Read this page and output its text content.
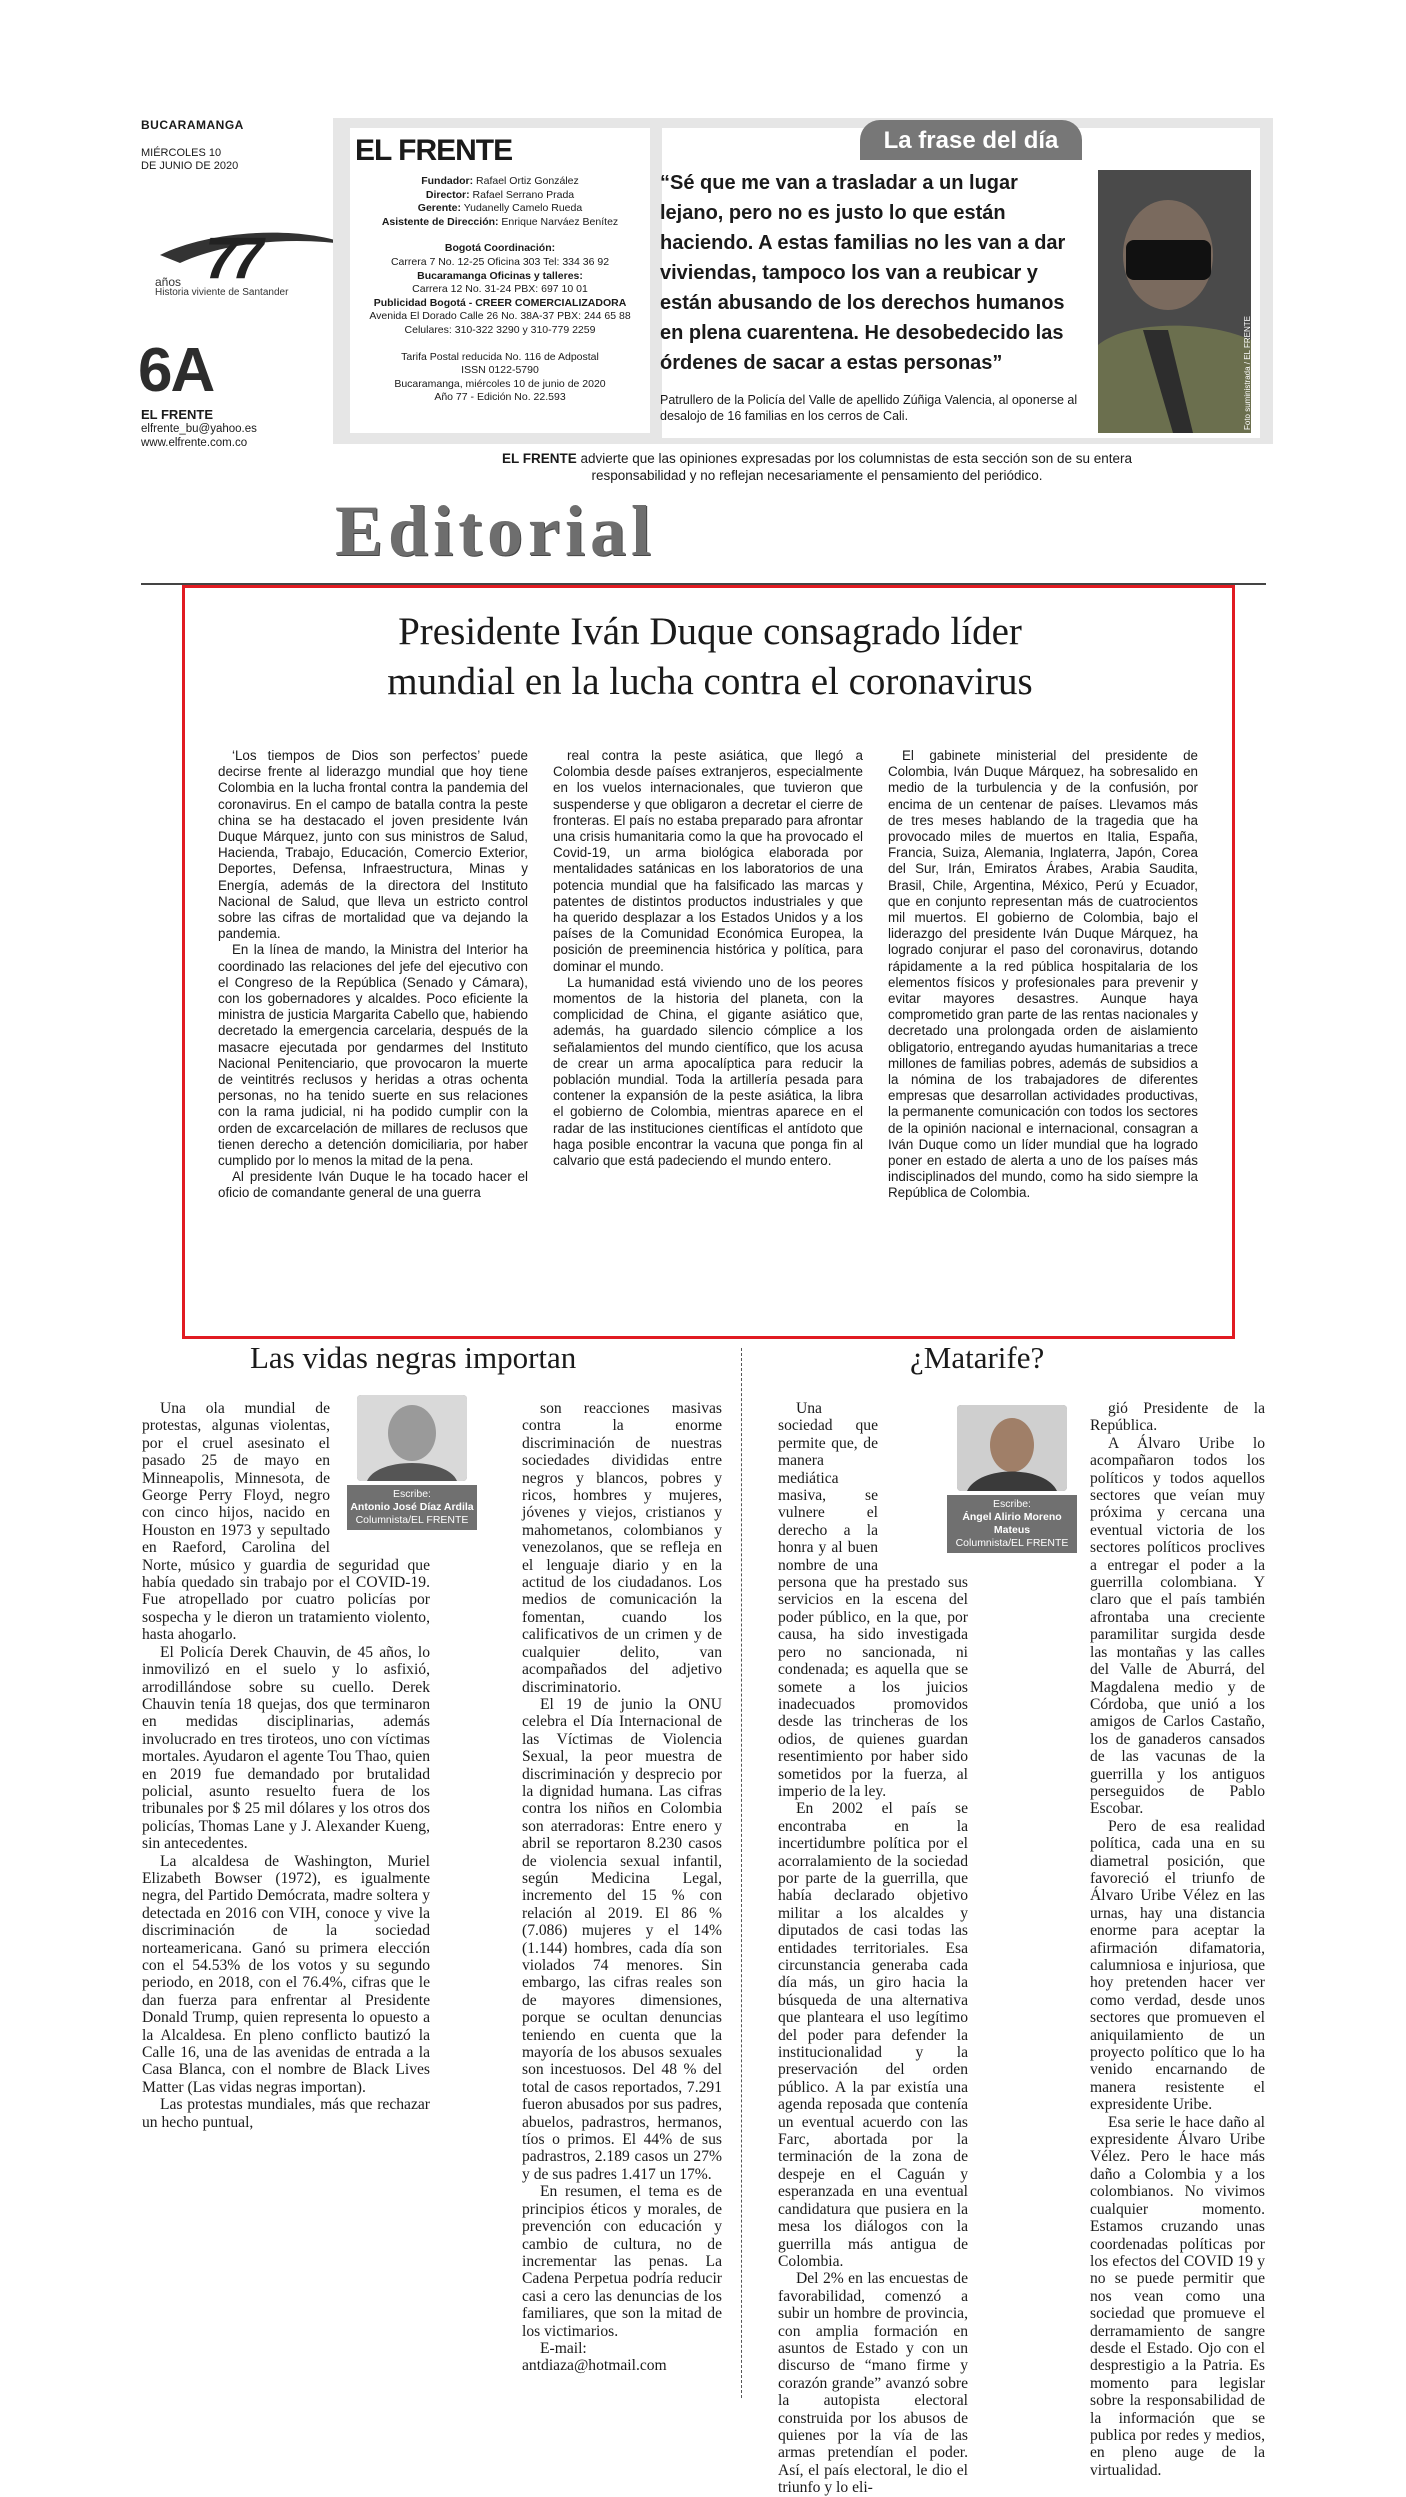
BUCARAMANGA
MIÉRCOLES 10
DE JUNIO DE 2020
77
años
Historia viviente de Santander
6A
EL FRENTE
elfrente_bu@yahoo.es
www.elfrente.com.co
EL FRENTE
Fundador: Rafael Ortiz González
Director: Rafael Serrano Prada
Gerente: Yudanelly Camelo Rueda
Asistente de Dirección: Enrique Narváez Benítez
Bogotá Coordinación:
Carrera 7 No. 12-25 Oficina 303 Tel: 334 36 92
Bucaramanga Oficinas y talleres:
Carrera 12 No. 31-24 PBX: 697 10 01
Publicidad Bogotá - CREER COMERCIALIZADORA
Avenida El Dorado Calle 26 No. 38A-37 PBX: 244 65 88
Celulares: 310-322 3290 y 310-779 2259
Tarifa Postal reducida No. 116 de Adpostal
ISSN 0122-5790
Bucaramanga, miércoles 10 de junio de 2020
Año 77 - Edición No. 22.593
La frase del día
“Sé que me van a trasladar a un lugar lejano, pero no es justo lo que están haciendo. A estas familias no les van a dar viviendas, tampoco los van a reubicar y están abusando de los derechos humanos en plena cuarentena. He desobedecido las órdenes de sacar a estas personas”
Patrullero de la Policía del Valle de apellido Zúñiga Valencia, al oponerse al desalojo de 16 familias en los cerros de Cali.	Foto suministrada / EL FRENTE
EL FRENTE advierte que las opiniones expresadas por los columnistas de esta sección son de su entera responsabilidad y no reflejan necesariamente el pensamiento del periódico.
Editorial
Presidente Iván Duque consagrado líder
mundial en la lucha contra el coronavirus

‘Los tiempos de Dios son perfectos’ puede decirse frente al liderazgo mundial que hoy tiene Colombia en la lucha frontal contra la pandemia del coronavirus. En el campo de batalla contra la peste china se ha destacado el joven presidente Iván Duque Márquez, junto con sus ministros de Salud, Hacienda, Trabajo, Educación, Comercio Exterior, Deportes, Defensa, Infraestructura, Minas y Energía, además de la directora del Instituto Nacional de Salud, que lleva un estricto control sobre las cifras de mortalidad que va dejando la pandemia.

En la línea de mando, la Ministra del Interior ha coordinado las relaciones del jefe del ejecutivo con el Congreso de la República (Senado y Cámara), con los gobernadores y alcaldes. Poco eficiente la ministra de justicia Margarita Cabello que, habiendo decretado la emergencia carcelaria, después de la masacre ejecutada por gendarmes del Instituto Nacional Penitenciario, que provocaron la muerte de veintitrés reclusos y heridas a otras ochenta personas, no ha tenido suerte en sus relaciones con la rama judicial, ni ha podido cumplir con la orden de excarcelación de millares de reclusos que tienen derecho a detención domiciliaria, por haber cumplido por lo menos la mitad de la pena.

Al presidente Iván Duque le ha tocado hacer el oficio de comandante general de una guerra

real contra la peste asiática, que llegó a Colombia desde países extranjeros, especialmente en los vuelos internacionales, que tuvieron que suspenderse y que obligaron a decretar el cierre de fronteras. El país no estaba preparado para afrontar una crisis humanitaria como la que ha provocado el Covid-19, un arma biológica elaborada por mentalidades satánicas en los laboratorios de una potencia mundial que ha falsificado las marcas y patentes de distintos productos industriales y que ha querido desplazar a los Estados Unidos y a los países de la Comunidad Económica Europea, la posición de preeminencia histórica y política, para dominar el mundo.

La humanidad está viviendo uno de los peores momentos de la historia del planeta, con la complicidad de China, el gigante asiático que, además, ha guardado silencio cómplice a los señalamientos del mundo científico, que los acusa de crear un arma apocalíptica para reducir la población mundial. Toda la artillería pesada para contener la expansión de la peste asiática, la libra el gobierno de Colombia, mientras aparece en el radar de las instituciones científicas el antídoto que haga posible encontrar la vacuna que ponga fin al calvario que está padeciendo el mundo entero.

El gabinete ministerial del presidente de Colombia, Iván Duque Márquez, ha sobresalido en medio de la turbulencia y de la confusión, por encima de un centenar de países. Llevamos más de tres meses hablando de la tragedia que ha provocado miles de muertos en Italia, España, Francia, Suiza, Alemania, Inglaterra, Japón, Corea del Sur, Irán, Emiratos Árabes, Arabia Saudita, Brasil, Chile, Argentina, México, Perú y Ecuador, que en conjunto representan más de cuatrocientos mil muertos. El gobierno de Colombia, bajo el liderazgo del presidente Iván Duque Márquez, ha logrado conjurar el paso del coronavirus, dotando rápidamente a la red pública hospitalaria de los elementos físicos y profesionales para prevenir y evitar mayores desastres. Aunque haya comprometido gran parte de las rentas nacionales y decretado una prolongada orden de aislamiento obligatorio, entregando ayudas humanitarias a trece millones de familias pobres, además de subsidios a la nómina de los trabajadores de diferentes empresas que desarrollan actividades productivas, la permanente comunicación con todos los sectores de la opinión nacional e internacional, consagran a Iván Duque como un líder mundial que ha logrado poner en estado de alerta a uno de los países más indisciplinados del mundo, como ha sido siempre la República de Colombia.

Las vidas negras importan	¿Matarife?
Escribe:
Antonio José Díaz Ardila
Columnista/EL FRENTE
Escribe:
Ángel Alirio Moreno Mateus
Columnista/EL FRENTE

Una ola mundial de protestas, algunas violentas, por el cruel asesinato el pasado 25 de mayo en Minneapolis, Minnesota, de George Perry Floyd, negro con cinco hijos, nacido en Houston en 1973 y sepultado en Raeford, Carolina del Norte, músico y guardia de seguridad que había quedado sin trabajo por el COVID-19. Fue atropellado por cuatro policías por sospecha y le dieron un tratamiento violento, hasta ahogarlo.

El Policía Derek Chauvin, de 45 años, lo inmovilizó en el suelo y lo asfixió, arrodillándose sobre su cuello. Derek Chauvin tenía 18 quejas, dos que terminaron en medidas disciplinarias, además involucrado en tres tiroteos, uno con víctimas mortales. Ayudaron el agente Tou Thao, quien en 2019 fue demandado por brutalidad policial, asunto resuelto fuera de los tribunales por $ 25 mil dólares y los otros dos policías, Thomas Lane y J. Alexander Kueng, sin antecedentes.

La alcaldesa de Washington, Muriel Elizabeth Bowser (1972), es igualmente negra, del Partido Demócrata, madre soltera y detectada en 2016 con VIH, conoce y vive la discriminación de la sociedad norteamericana. Ganó su primera elección con el 54.53% de los votos y su segundo periodo, en 2018, con el 76.4%, cifras que le dan fuerza para enfrentar al Presidente Donald Trump, quien representa lo opuesto a la Alcaldesa. En pleno conflicto bautizó la Calle 16, una de las avenidas de entrada a la Casa Blanca, con el nombre de Black Lives Matter (Las vidas negras importan).

Las protestas mundiales, más que rechazar un hecho puntual,

son reacciones masivas contra la enorme discriminación de nuestras sociedades divididas entre negros y blancos, pobres y ricos, hombres y mujeres, jóvenes y viejos, cristianos y mahometanos, colombianos y venezolanos, que se refleja en el lenguaje diario y en la actitud de los ciudadanos. Los medios de comunicación la fomentan, cuando los calificativos de un crimen y de cualquier delito, van acompañados del adjetivo discriminatorio.

El 19 de junio la ONU celebra el Día Internacional de las Víctimas de Violencia Sexual, la peor muestra de discriminación y desprecio por la dignidad humana. Las cifras contra los niños en Colombia son aterradoras: Entre enero y abril se reportaron 8.230 casos de violencia sexual infantil, según Medicina Legal, incremento del 15 % con relación al 2019. El 86 % (7.086) mujeres y el 14% (1.144) hombres, cada día son violados 74 menores. Sin embargo, las cifras reales son de mayores dimensiones, porque se ocultan denuncias teniendo en cuenta que la mayoría de los abusos sexuales son incestuosos. Del 48 % del total de casos reportados, 7.291 fueron abusados por sus padres, abuelos, padrastros, hermanos, tíos o primos. El 44% de sus padrastros, 2.189 casos un 27% y de sus padres 1.417 un 17%.

En resumen, el tema es de principios éticos y morales, de prevención con educación y cambio de cultura, no de incrementar las penas. La Cadena Perpetua podría reducir casi a cero las denuncias de los familiares, que son la mitad de los victimarios.

E-mail: antdiaza@hotmail.com

Una sociedad que permite que, de manera mediática masiva, se vulnere el derecho a la honra y al buen nombre de una persona que ha prestado sus servicios en la escena del poder público, en la que, por causa, ha sido investigada pero no sancionada, ni condenada; es aquella que se somete a los juicios inadecuados promovidos desde las trincheras de los odios, de quienes guardan resentimiento por haber sido sometidos por la fuerza, al imperio de la ley.

En 2002 el país se encontraba en la incertidumbre política por el acorralamiento de la sociedad por parte de la guerrilla, que había declarado objetivo militar a los alcaldes y diputados de casi todas las entidades territoriales. Esa circunstancia generaba cada día más, un giro hacia la búsqueda de una alternativa que planteara el uso legítimo del poder para defender la institucionalidad y la preservación del orden público. A la par existía una agenda reposada que contenía un eventual acuerdo con las Farc, abortada por la terminación de la zona de despeje en el Caguán y esperanzada en una eventual candidatura que pusiera en la mesa los diálogos con la guerrilla más antigua de Colombia.

Del 2% en las encuestas de favorabilidad, comenzó a subir un hombre de provincia, con amplia formación en asuntos de Estado y con un discurso de “mano firme y corazón grande” avanzó sobre la autopista electoral construida por los abusos de quienes por la vía de las armas pretendían el poder. Así, el país electoral, le dio el triunfo y lo eli-

gió Presidente de la República.

A Álvaro Uribe lo acompañaron todos los políticos y todos aquellos sectores que veían muy próxima y cercana una eventual victoria de los sectores políticos proclives a entregar el poder a la guerrilla colombiana. Y claro que el país también afrontaba una creciente paramilitar surgida desde las montañas y las calles del Valle de Aburrá, del Magdalena medio y de Córdoba, que unió a los amigos de Carlos Castaño, los de ganaderos cansados de las vacunas de la guerrilla y los antiguos perseguidos de Pablo Escobar.

Pero de esa realidad política, cada una en su diametral posición, que favoreció el triunfo de Álvaro Uribe Vélez en las urnas, hay una distancia enorme para aceptar la afirmación difamatoria, calumniosa e injuriosa, que hoy pretenden hacer ver como verdad, desde unos sectores que promueven el aniquilamiento de un proyecto político que lo ha venido encarnando de manera resistente el expresidente Uribe.

Esa serie le hace daño al expresidente Álvaro Uribe Vélez. Pero le hace más daño a Colombia y a los colombianos. No vivimos cualquier momento. Estamos cruzando unas coordenadas políticas por los efectos del COVID 19 y no se puede permitir que nos vean como una sociedad que promueve el derramamiento de sangre desde el Estado. Ojo con el desprestigio a la Patria. Es momento para legislar sobre la responsabilidad de la información que se publica por redes y medios, en pleno auge de la virtualidad.
